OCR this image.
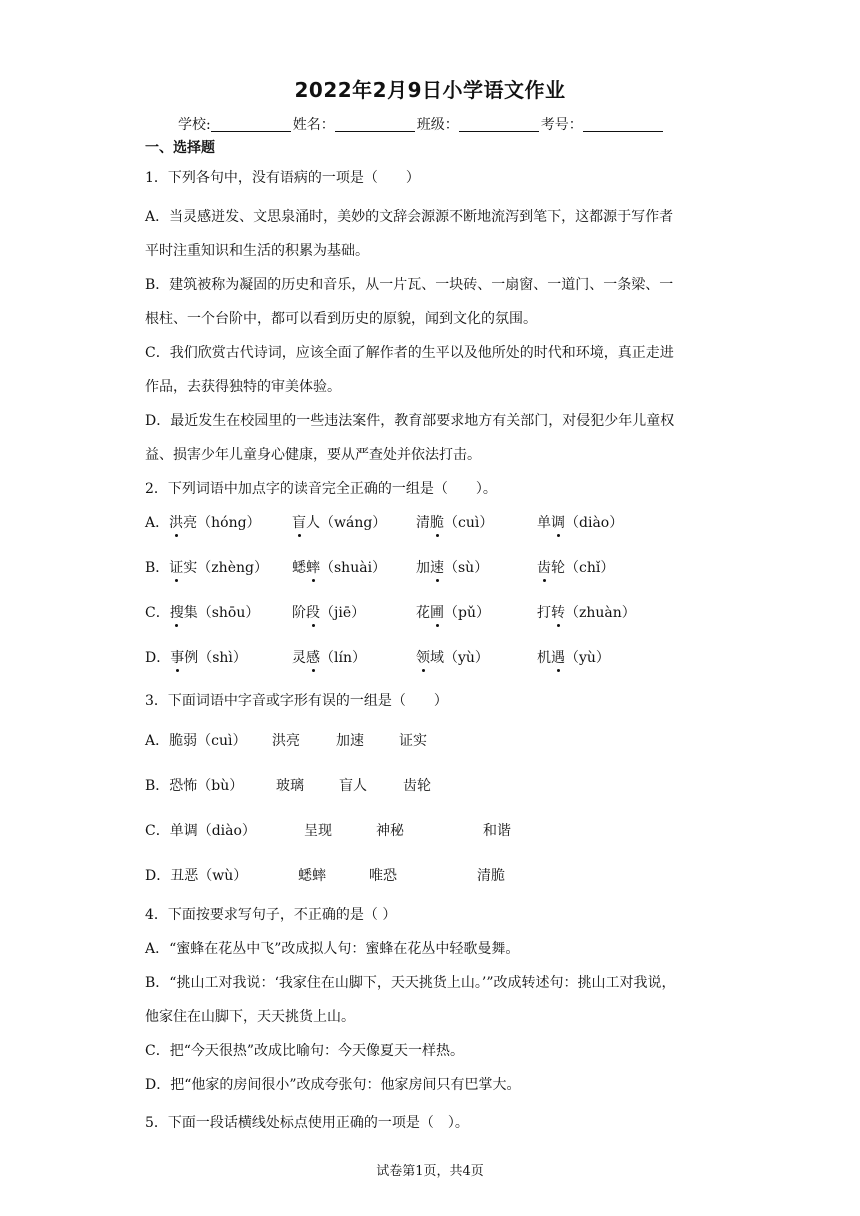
2022年2月9日小学语文作业
学校:	姓名：	班级：	考号：
一、选择题
1．下列各句中，没有语病的一项是（　　）
A．当灵感迸发、文思泉涌时，美妙的文辞会源源不断地流泻到笔下，这都源于写作者
平时注重知识和生活的积累为基础。
B．建筑被称为凝固的历史和音乐，从一片瓦、一块砖、一扇窗、一道门、一条梁、一
根柱、一个台阶中，都可以看到历史的原貌，闻到文化的氛围。
C．我们欣赏古代诗词，应该全面了解作者的生平以及他所处的时代和环境，真正走进
作品，去获得独特的审美体验。
D．最近发生在校园里的一些违法案件，教育部要求地方有关部门，对侵犯少年儿童权
益、损害少年儿童身心健康，要从严查处并依法打击。
2．下列词语中加点字的读音完全正确的一组是（　　）。
A．洪亮（hóng） 盲人（wáng） 清脆（cuì）	单调（diào）
B．证实（zhèng） 蟋蟀（shuài） 加速（sù）	齿轮（chǐ）
C．搜集（shōu） 阶段（jiē）	花圃（pǔ）	打转（zhuàn）
D．事例（shì）	灵感（lín）	领域（yù）	机遇（yù）
3．下面词语中字音或字形有误的一组是（　　）
A．脆弱（cuì） 洪亮	加速	证实
B．恐怖（bù） 玻璃	盲人	齿轮
C．单调（diào）	呈现	神秘	和谐
D．丑恶（wù）	蟋蟀	唯恐	清脆
4．下面按要求写句子，不正确的是（ ）
A．“蜜蜂在花丛中飞”改成拟人句：蜜蜂在花丛中轻歌曼舞。
B．“挑山工对我说：‘我家住在山脚下，天天挑货上山。’”改成转述句：挑山工对我说，
他家住在山脚下，天天挑货上山。
C．把“今天很热”改成比喻句：今天像夏天一样热。
D．把“他家的房间很小”改成夸张句：他家房间只有巴掌大。
5．下面一段话横线处标点使用正确的一项是（　）。
试卷第1页，共4页
